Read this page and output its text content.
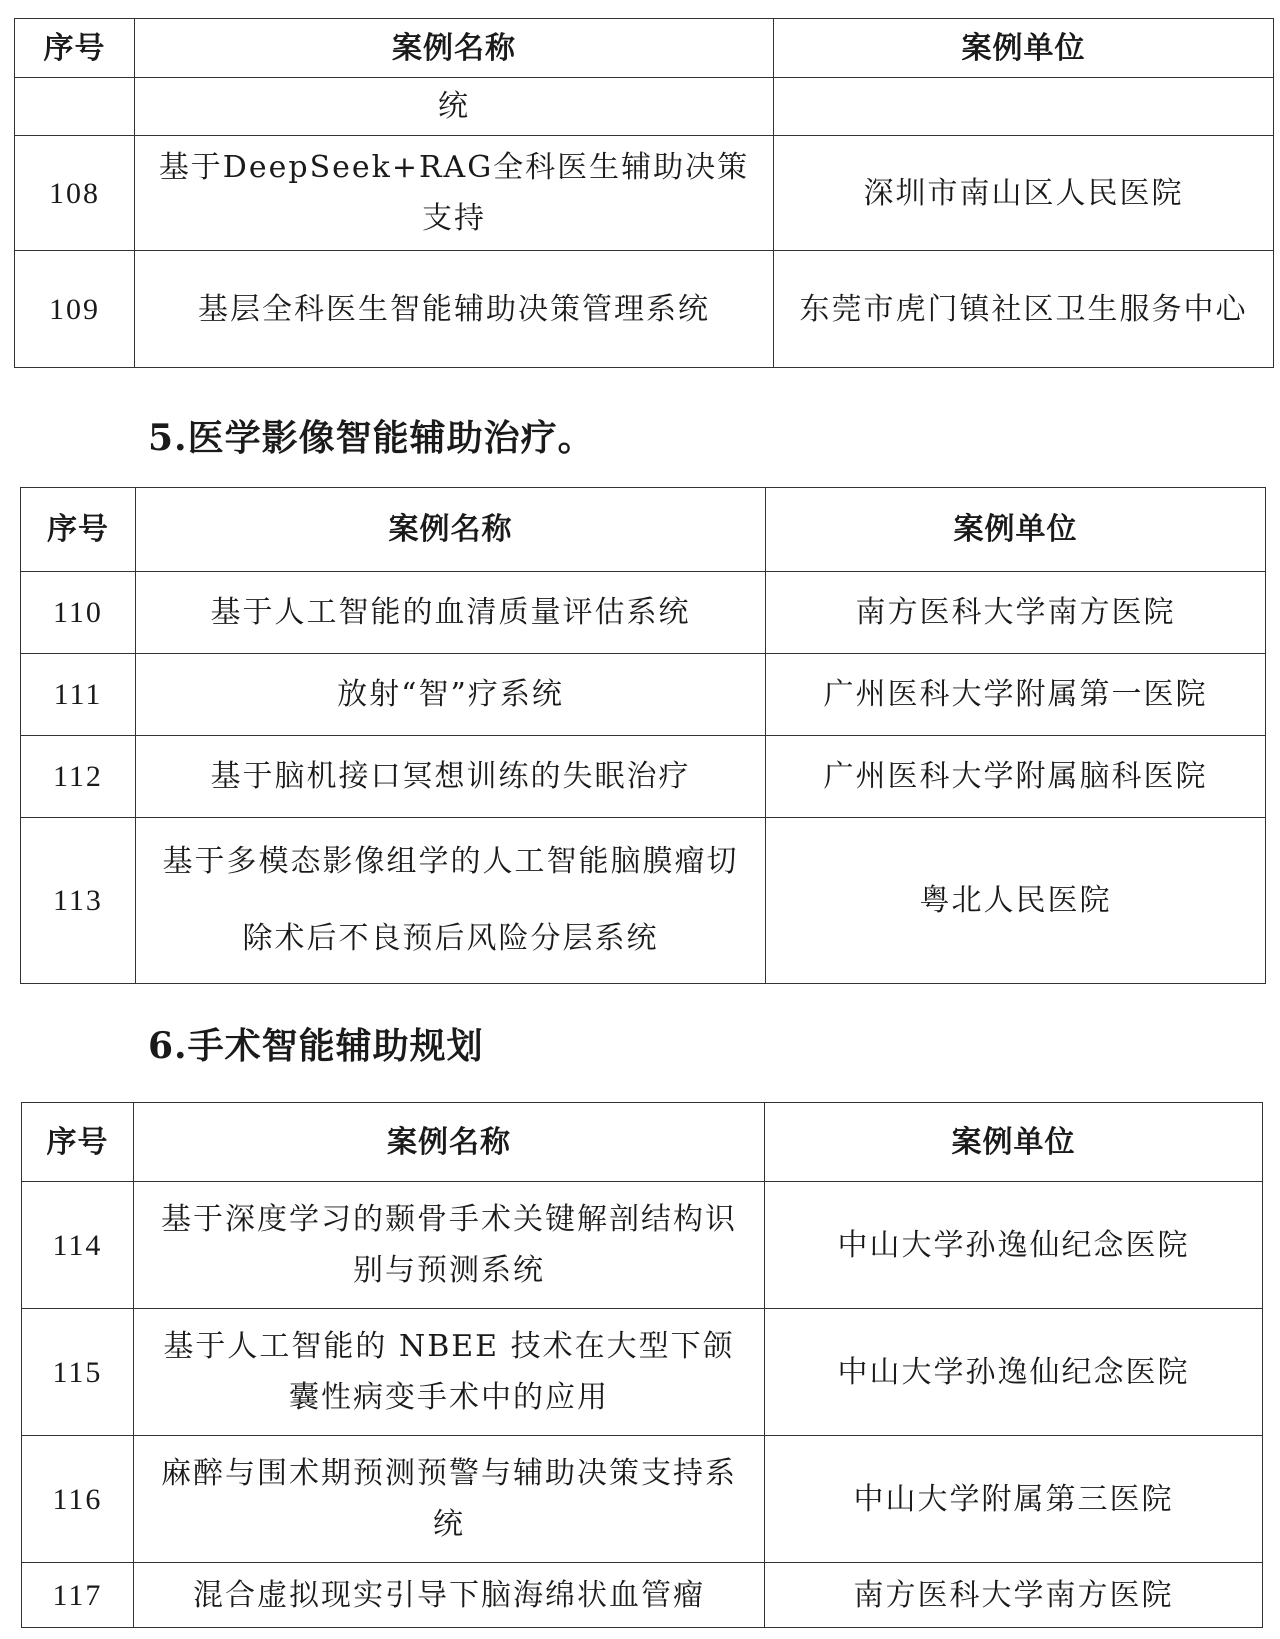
序号	案例名称	案例单位
	统	
108	基于DeepSeek+RAG全科医生辅助决策支持	深圳市南山区人民医院
109	基层全科医生智能辅助决策管理系统	东莞市虎门镇社区卫生服务中心
5.医学影像智能辅助治疗。
序号	案例名称	案例单位
110	基于人工智能的血清质量评估系统	南方医科大学南方医院
111	放射“智”疗系统	广州医科大学附属第一医院
112	基于脑机接口冥想训练的失眠治疗	广州医科大学附属脑科医院
113	基于多模态影像组学的人工智能脑膜瘤切除术后不良预后风险分层系统	粤北人民医院
6.手术智能辅助规划
序号	案例名称	案例单位
114	基于深度学习的颞骨手术关键解剖结构识别与预测系统	中山大学孙逸仙纪念医院
115	基于人工智能的 NBEE 技术在大型下颌囊性病变手术中的应用	中山大学孙逸仙纪念医院
116	麻醉与围术期预测预警与辅助决策支持系统	中山大学附属第三医院
117	混合虚拟现实引导下脑海绵状血管瘤	南方医科大学南方医院
